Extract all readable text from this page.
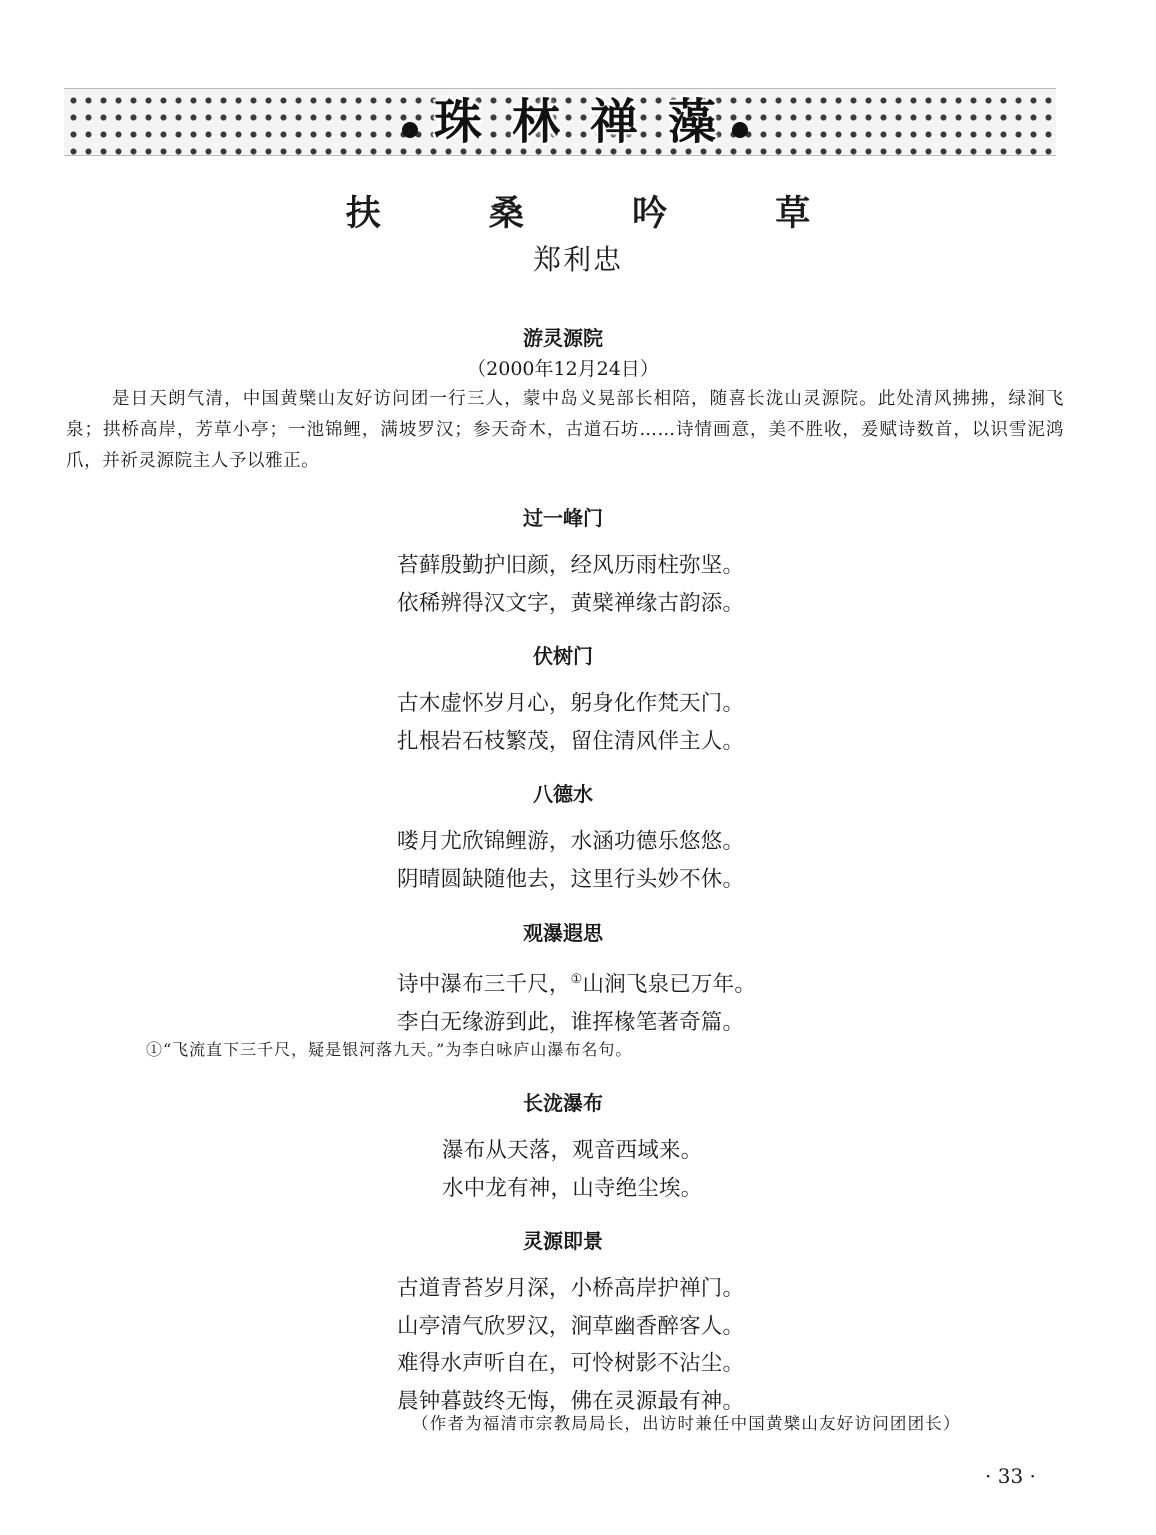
珠 林 禅 藻
扶 桑 吟 草
郑利忠
游灵源院
（2000年12月24日）
是日天朗气清，中国黄檗山友好访问团一行三人，蒙中岛义晃部长相陪，随喜长泷山灵源院。此处清风拂拂，绿涧飞泉；拱桥高岸，芳草小亭；一池锦鲤，满坡罗汉；参天奇木，古道石坊……诗情画意，美不胜收，爰赋诗数首，以识雪泥鸿爪，并祈灵源院主人予以雅正。
过一峰门
苔藓殷勤护旧颜，经风历雨柱弥坚。
依稀辨得汉文字，黄檗禅缘古韵添。
伏树门
古木虚怀岁月心，躬身化作梵天门。
扎根岩石枝繁茂，留住清风伴主人。
八德水
喽月尤欣锦鲤游，水涵功德乐悠悠。
阴晴圆缺随他去，这里行头妙不休。
观瀑遐思
诗中瀑布三千尺，①山涧飞泉已万年。
李白无缘游到此，谁挥椽笔著奇篇。
①“飞流直下三千尺，疑是银河落九天。”为李白咏庐山瀑布名句。
长泷瀑布
瀑布从天落，观音西域来。
水中龙有神，山寺绝尘埃。
灵源即景
古道青苔岁月深，小桥高岸护禅门。
山亭清气欣罗汉，涧草幽香醉客人。
难得水声听自在，可怜树影不沾尘。
晨钟暮鼓终无悔，佛在灵源最有神。
（作者为福清市宗教局局长，出访时兼任中国黄檗山友好访问团团长）
· 33 ·
